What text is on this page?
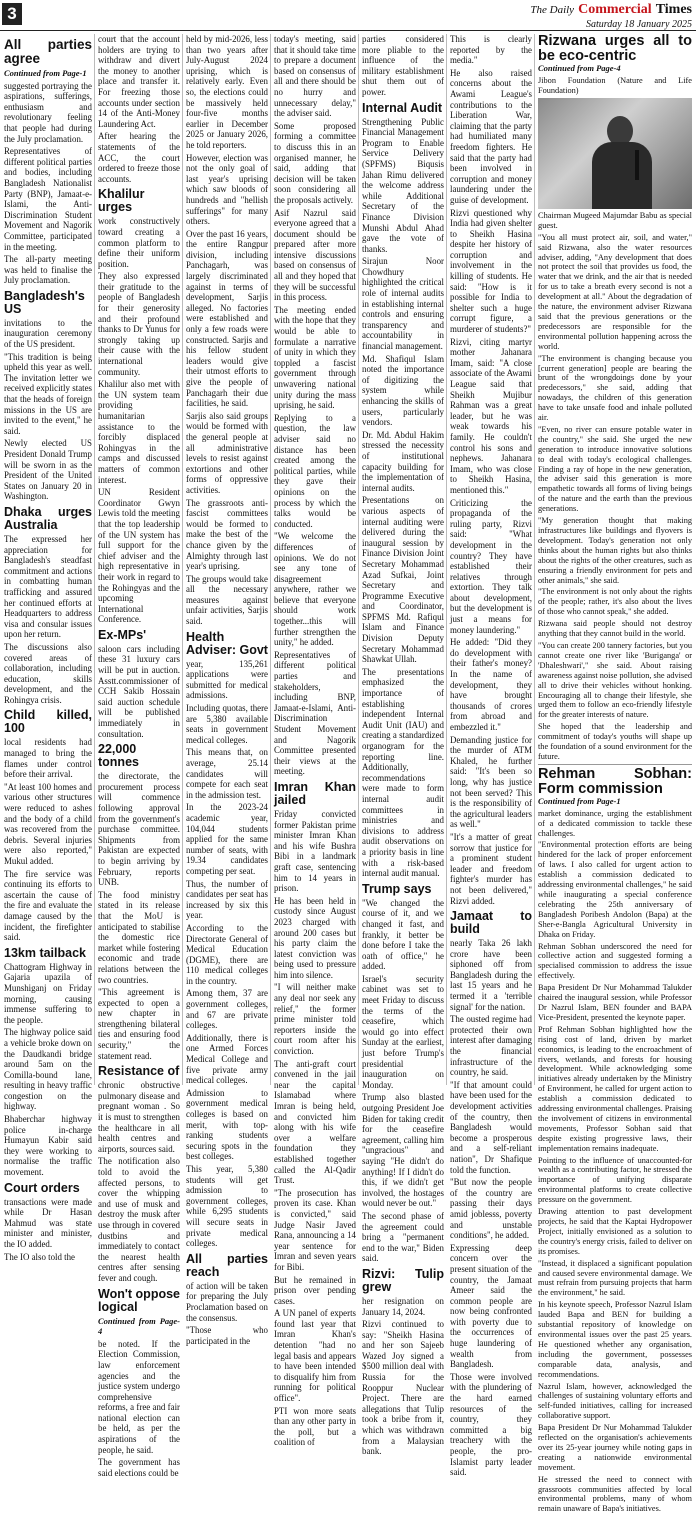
3	The Daily Commercial Times
Saturday 18 January 2025
All parties agree
Continued from Page-1

suggested portraying the aspirations, sufferings, enthusiasm and revolutionary feeling that people had during the July proclamation.

Representatives of different political parties and bodies, including Bangladesh Nationalist Party (BNP), Jamaat-e-Islami, the Anti-Discrimination Student Movement and Nagorik Committee, participated in the meeting.

The all-party meeting was held to finalise the July proclamation.

Bangladesh's US

invitations to the inauguration ceremony of the US president.

"This tradition is being upheld this year as well. The invitation letter we received explicitly states that the heads of foreign missions in the US are invited to the event," he said.

Newly elected US President Donald Trump will be sworn in as the President of the United States on January 20 in Washington.

Dhaka urges Australia

The expressed her appreciation for Bangladesh's steadfast commitment and actions in combatting human trafficking and assured her continued efforts at Headquarters to address visa and consular issues upon her return.

The discussions also covered areas of collaboration, including education, skills development, and the Rohingya crisis.

Child killed, 100

local residents had managed to bring the flames under control before their arrival.

"At least 100 homes and various other structures were reduced to ashes and the body of a child was recovered from the debris. Several injuries were also reported," Mukul added.

The fire service was continuing its efforts to ascertain the cause of the fire and evaluate the damage caused by the incident, the firefighter said.

13km tailback

Chattogram Highway in Gajaria upazila of Munshiganj on Friday morning, causing immense suffering to the people.

The highway police said a vehicle broke down on the Daudkandi bridge around 5am on the Comilla-bound lane, resulting in heavy traffic congestion on the highway.

Bhaberchar highway police in-charge Humayun Kabir said they were working to normalise the traffic movement.

Court orders

transactions were made while Dr Hasan Mahmud was state minister and minister, the IO added.

The IO also told the

court that the account holders are trying to withdraw and divert the money to another place and transfer it. For freezing those accounts under section 14 of the Anti-Money Laundering Act.

After hearing the statements of the ACC, the court ordered to freeze those accounts.

Khalilur urges

work constructively toward creating a common platform to define their uniform position.

They also expressed their gratitude to the people of Bangladesh for their generosity and their profound thanks to Dr Yunus for strongly taking up their cause with the international community.

Khalilur also met with the UN system team providing humanitarian assistance to the forcibly displaced Rohingyas in the camps and discussed matters of common interest.

UN Resident Coordinator Gwyn Lewis told the meeting that the top leadership of the UN system has full support for the chief adviser and the high representative in their work in regard to the Rohingyas and the upcoming International Conference.

Ex-MPs'

saloon cars including these 31 luxury cars will be put in auction. Asstt.commissioner of CCH Sakib Hossain said auction schedule will be published immediately in consultation.

22,000 tonnes

the directorate, the procurement process will commence following approval from the government's purchase committee. Shipments from Pakistan are expected to begin arriving by February, reports UNB.

The food ministry stated in its release that the MoU is anticipated to stabilise the domestic rice market while fostering economic and trade relations between the two countries.

"This agreement is expected to open a new chapter in strengthening bilateral ties and ensuring food security," the statement read.

Resistance of

chronic obstructive pulmonary disease and pregnant woman . So it is must to strengthen the healthcare in all health centres and airports, sources said.

The notification also told to avoid the affected persons, to cover the whipping and use of musk and destroy the musk after use through in covered dustbins and immediately to contact the nearest health centres after sensing fever and cough.

Won't oppose logical
Continued from Page-4

be noted. If the Election Commission, law enforcement agencies and the justice system undergo comprehensive reforms, a free and fair national election can be held, as per the aspirations of the people, he said.

The government has said elections could be

held by mid-2026, less than two years after July-August 2024 uprising, which is relatively early. Even so, the elections could be massively held four-five months earlier in December 2025 or January 2026, he told reporters.

However, election was not the only goal of last year's uprising which saw bloods of hundreds and "hellish sufferings" for many others.

Over the past 16 years, the entire Rangpur division, including Panchagarh, was largely discriminated against in terms of development, Sarjis alleged. No factories were established and only a few roads were constructed. Sarjis and his fellow student leaders would give their utmost efforts to give the people of Panchagarh their due facilities, he said.

Sarjis also said groups would be formed with the general people at all administrative levels to resist against extortions and other forms of oppressive activities.

The grassroots anti-fascist committees would be formed to make the best of the chance given by the Almighty through last year's uprising.

The groups would take all the necessary measures against unfair activities, Sarjis said.

Health Adviser: Govt

year, 135,261 applications were submitted for medical admissions.

Including quotas, there are 5,380 available seats in government medical colleges.

This means that, on average, 25.14 candidates will compete for each seat in the admission test.

In the 2023-24 academic year, 104,044 students applied for the same number of seats, with 19.34 candidates competing per seat.

Thus, the number of candidates per seat has increased by six this year.

According to the Directorate General of Medical Education (DGME), there are 110 medical colleges in the country.

Among them, 37 are government colleges, and 67 are private colleges.

Additionally, there is one Armed Forces Medical College and five private army medical colleges.

Admission to government medical colleges is based on merit, with top-ranking students securing spots in the best colleges.

This year, 5,380 students will get admission to government colleges, while 6,295 students will secure seats in private medical colleges.

All parties reach

of action will be taken for preparing the July Proclamation based on the consensus.

"Those who participated in the

today's meeting, said that it should take time to prepare a document based on consensus of all and there should be no hurry and unnecessary delay," the adviser said.

Some proposed forming a committee to discuss this in an organised manner, he said, adding that decision will be taken soon considering all the proposals actively.

Asif Nazrul said everyone agreed that a document should be prepared after more intensive discussions based on consensus of all and they hoped that they will be successful in this process.

The meeting ended with the hope that they would be able to formulate a narrative of unity in which they toppled a fascist government through unwavering national unity during the mass uprising, he said.

Replying to a question, the law adviser said no distance has been created among the political parties, while they gave their opinions on the process by which the talks would be conducted.

"We welcome the differences of opinions. We do not see any tone of disagreement anywhere, rather we believe that everyone should work together...this will further strengthen the unity," he added.

Representatives of different political parties and stakeholders, including BNP, Jamaat-e-Islami, Anti-Discrimination Student Movement and Nagorik Committee presented their views at the meeting.

Imran Khan jailed

Friday convicted former Pakistan prime minister Imran Khan and his wife Bushra Bibi in a landmark graft case, sentencing him to 14 years in prison.

He has been held in custody since August 2023 charged with around 200 cases but his party claim the latest conviction was being used to pressure him into silence.

"I will neither make any deal nor seek any relief," the former prime minister told reporters inside the court room after his conviction.

The anti-graft court convened in the jail near the capital Islamabad where Imran is being held, and convicted him along with his wife over a welfare foundation they established together called the Al-Qadir Trust.

"The prosecution has proven its case. Khan is convicted," said Judge Nasir Javed Rana, announcing a 14 year sentence for Imran and seven years for Bibi.

But he remained in prison over pending cases.

A UN panel of experts found last year that Imran Khan's detention "had no legal basis and appears to have been intended to disqualify him from running for political office".

PTI won more seats than any other party in the poll, but a coalition of

parties considered more pliable to the influence of the military establishment shut them out of power.

Internal Audit

Strengthening Public Financial Management Program to Enable Service Delivery (SPFMS) Biqusis Jahan Rimu delivered the welcome address while Additional Secretary of the Finance Division Munshi Abdul Ahad gave the vote of thanks.

Sirajun Noor Chowdhury highlighted the critical role of internal audits in establishing internal controls and ensuring transparency and accountability in financial management.

Md. Shafiqul Islam noted the importance of digitizing the system while enhancing the skills of users, particularly vendors.

Dr. Md. Abdul Hakim stressed the necessity of institutional capacity building for the implementation of internal audits.

Presentations on various aspects of internal auditing were delivered during the inaugural session by Finance Division Joint Secretary Mohammad Azad Sufkai, Joint Secretary and Programme Executive and Coordinator, SPFMS Md. Rafiqul Islam and Finance Division Deputy Secretary Mohammad Shawkat Ullah.

The presentations emphasized the importance of establishing independent Internal Audit Unit (IAU) and creating a standardized organogram for the reporting line. Additionally, recommendations were made to form internal audit committees in ministries and divisions to address audit observations on a priority basis in line with a risk-based internal audit manual.

Trump says

"We changed the course of it, and we changed it fast, and frankly, it better be done before I take the oath of office," he added.

Israel's security cabinet was set to meet Friday to discuss the terms of the ceasefire, which would go into effect Sunday at the earliest, just before Trump's presidential inauguration on Monday.

Trump also blasted outgoing President Joe Biden for taking credit for the ceasefire agreement, calling him "ungracious" and saying "He didn't do anything! If I didn't do this, if we didn't get involved, the hostages would never be out."

The second phase of the agreement could bring a "permanent end to the war," Biden said.

Rizvi: Tulip grew

her resignation on January 14, 2024.

Rizvi continued to say: "Sheikh Hasina and her son Sajeeb Wazed Joy signed a $500 million deal with Russia for the Rooppur Nuclear Project. There are allegations that Tulip took a bribe from it, which was withdrawn from a Malaysian bank.

This is clearly reported by the media."

He also raised concerns about the Awami League's contributions to the Liberation War, claiming that the party had humiliated many freedom fighters. He said that the party had been involved in corruption and money laundering under the guise of development.

Rizvi questioned why India had given shelter to Sheikh Hasina despite her history of corruption and involvement in the killing of students. He said: "How is it possible for India to shelter such a huge corrupt figure, a murderer of students?"

Rizvi, citing martyr mother Jahanara Imam, said: "A close associate of the Awami League said that Sheikh Mujibur Rahman was a great leader, but he was weak towards his family. He couldn't control his sons and nephews. Jahanara Imam, who was close to Sheikh Hasina, mentioned this."

Criticizing the propaganda of the ruling party, Rizvi said: "What development in the country? They have established their relatives through extortion. They talk about development, but the development is just a means for money laundering."

He added: "Did they do development with their father's money? In the name of development, they have brought thousands of crores from abroad and embezzled it."

Demanding justice for the murder of ATM Khaled, he further said: "It's been so long, why has justice not been served? This is the responsibility of the agricultural leaders as well."

"It's a matter of great sorrow that justice for a prominent student leader and freedom fighter's murder has not been delivered," Rizvi added.

Jamaat to build

nearly Taka 26 lakh crore have been siphoned off from Bangladesh during the last 15 years and he termed it a 'terrible signal' for the nation.

The ousted regime had protected their own interest after damaging the financial infrastructure of the country, he said.

"If that amount could have been used for the development activities of the country, then Bangladesh would become a prosperous and a self-reliant nation", Dr Shafique told the function.

"But now the people of the country are passing their days amid joblesss, poverty and unstable conditions", he added.

Expressing deep concern over the present situation of the country, the Jamaat Ameer said the common people are now being confronted with poverty due to the occurrences of huge laundering of wealth from Bangladesh.

Those were involved with the plundering of the hard earned resources of the country, they committed a big treachery with the people, the pro-Islamist party leader said.

Rizwana urges all to be eco-centric
Continued from Page-4

Jibon Foundation (Nature and Life Foundation)

Chairman Mugeed Majumdar Babu as special guest.

"You all must protect air, soil, and water," said Rizwana, also the water resources adviser, adding, "Any development that does not protect the soil that provides us food, the water that we drink, and the air that is needed for us to take a breath every second is not a development at all." About the degradation of the nature, the environment adviser Rizwana said that the previous generations or the predecessors are responsible for the environmental pollution happening across the world.

"The environment is changing because you [current generation] people are bearing the brunt of the wrongdoings done by your predecessors," she said, adding that nowadays, the children of this generation have to take unsafe food and inhale polluted air.

"Even, no river can ensure potable water in the country," she said. She urged the new generation to introduce innovative solutions to deal with today's ecological challenges. Finding a ray of hope in the new generation, the adviser said this generation is more empathetic towards all forms of living beings of the nature and the earth than the previous generations.

"My generation thought that making infrastructures like buildings and flyovers is development. Today's generation not only thinks about the human rights but also thinks about the rights of the other creatures, such as ensuring a friendly environment for pets and other animals," she said.

"The environment is not only about the rights of the people; rather, it's also about the lives of those who cannot speak," she added.

Rizwana said people should not destroy anything that they cannot build in the world.

"You can create 200 tannery factories, but you cannot create one river like 'Buriganga' or 'Dhaleshwari'," she said. About raising awareness against noise pollution, she advised all to drive their vehicles without honking. Encouraging all to change their lifestyle, she urged them to follow an eco-friendly lifestyle for the greater interests of nature.

She hoped that the leadership and commitment of today's youths will shape up the foundation of a sound environment for the future.

Rehman Sobhan: Form commission
Continued from Page-1

market dominance, urging the establishment of a dedicated commission to tackle these challenges.

"Environmental protection efforts are being hindered for the lack of proper enforcement of laws. I also called for urgent action to establish a commission dedicated to addressing environmental challenges," he said while inaugurating a special conference celebrating the 25th anniversary of Bangladesh Poribesh Andolon (Bapa) at the Sher-e-Bangla Agricultural University in Dhaka on Friday.

Rehman Sobhan underscored the need for collective action and suggested forming a specialised commission to address the issue effectively.

Bapa President Dr Nur Mohammad Talukder chaired the inaugural session, while Professor Dr Nazrul Islam, BEN founder and BAPA Vice-President, presented the keynote paper.

Prof Rehman Sobhan highlighted how the rising cost of land, driven by market economics, is leading to the encroachment of rivers, wetlands, and forests for housing development. While acknowledging some initiatives already undertaken by the Ministry of Environment, he called for urgent action to establish a commission dedicated to addressing environmental challenges. Praising the involvement of citizens in environmental movements, Professor Sobhan said that despite existing progressive laws, their implementation remains inadequate.

Pointing to the influence of unaccounted-for wealth as a contributing factor, he stressed the importance of unifying disparate environmental platforms to create collective pressure on the government.

Drawing attention to past development projects, he said that the Kaptai Hydropower Project, initially envisioned as a solution to the country's energy crisis, failed to deliver on its promises.

"Instead, it displaced a significant population and caused severe environmental damage. We must refrain from pursuing projects that harm the environment," he said.

In his keynote speech, Professor Nazrul Islam lauded Bapa and BEN for building a substantial repository of knowledge on environmental issues over the past 25 years. He questioned whether any organisation, including the government, possesses comparable data, analysis, and recommendations.

Nazrul Islam, however, acknowledged the challenges of sustaining voluntary efforts and self-funded initiatives, calling for increased collaborative support.

Bapa President Dr Nur Mohammad Talukder reflected on the organisation's achievements over its 25-year journey while noting gaps in creating a nationwide environmental movement.

He stressed the need to connect with grassroots communities affected by local environmental problems, many of whom remain unaware of Bapa's initiatives.
